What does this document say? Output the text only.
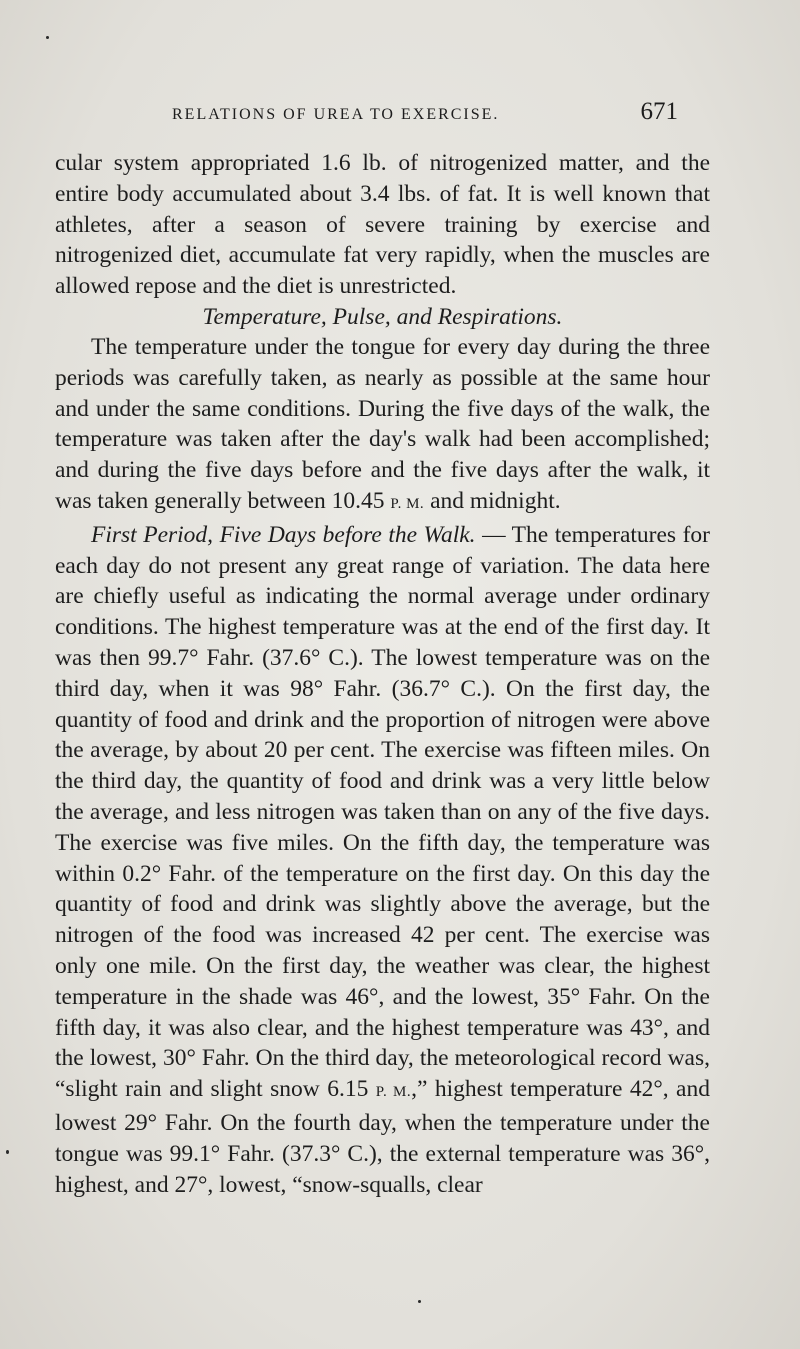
RELATIONS OF UREA TO EXERCISE.	671

cular system appropriated 1.6 lb. of nitrogenized matter, and the entire body accumulated about 3.4 lbs. of fat. It is well known that athletes, after a season of severe training by exercise and nitrogenized diet, accumulate fat very rapidly, when the muscles are allowed repose and the diet is unrestricted.

Temperature, Pulse, and Respirations.

The temperature under the tongue for every day during the three periods was carefully taken, as nearly as possible at the same hour and under the same conditions. During the five days of the walk, the temperature was taken after the day's walk had been accomplished; and during the five days before and the five days after the walk, it was taken generally between 10.45 P. M. and midnight.

First Period, Five Days before the Walk. — The temperatures for each day do not present any great range of variation. The data here are chiefly useful as indicating the normal average under ordinary conditions. The highest temperature was at the end of the first day. It was then 99.7° Fahr. (37.6° C.). The lowest temperature was on the third day, when it was 98° Fahr. (36.7° C.). On the first day, the quantity of food and drink and the proportion of nitrogen were above the average, by about 20 per cent. The exercise was fifteen miles. On the third day, the quantity of food and drink was a very little below the average, and less nitrogen was taken than on any of the five days. The exercise was five miles. On the fifth day, the temperature was within 0.2° Fahr. of the temperature on the first day. On this day the quantity of food and drink was slightly above the average, but the nitrogen of the food was increased 42 per cent. The exercise was only one mile. On the first day, the weather was clear, the highest temperature in the shade was 46°, and the lowest, 35° Fahr. On the fifth day, it was also clear, and the highest temperature was 43°, and the lowest, 30° Fahr. On the third day, the meteorological record was, “slight rain and slight snow 6.15 P. M.,” highest temperature 42°, and lowest 29° Fahr. On the fourth day, when the temperature under the tongue was 99.1° Fahr. (37.3° C.), the external temperature was 36°, highest, and 27°, lowest, “snow-squalls, clear
